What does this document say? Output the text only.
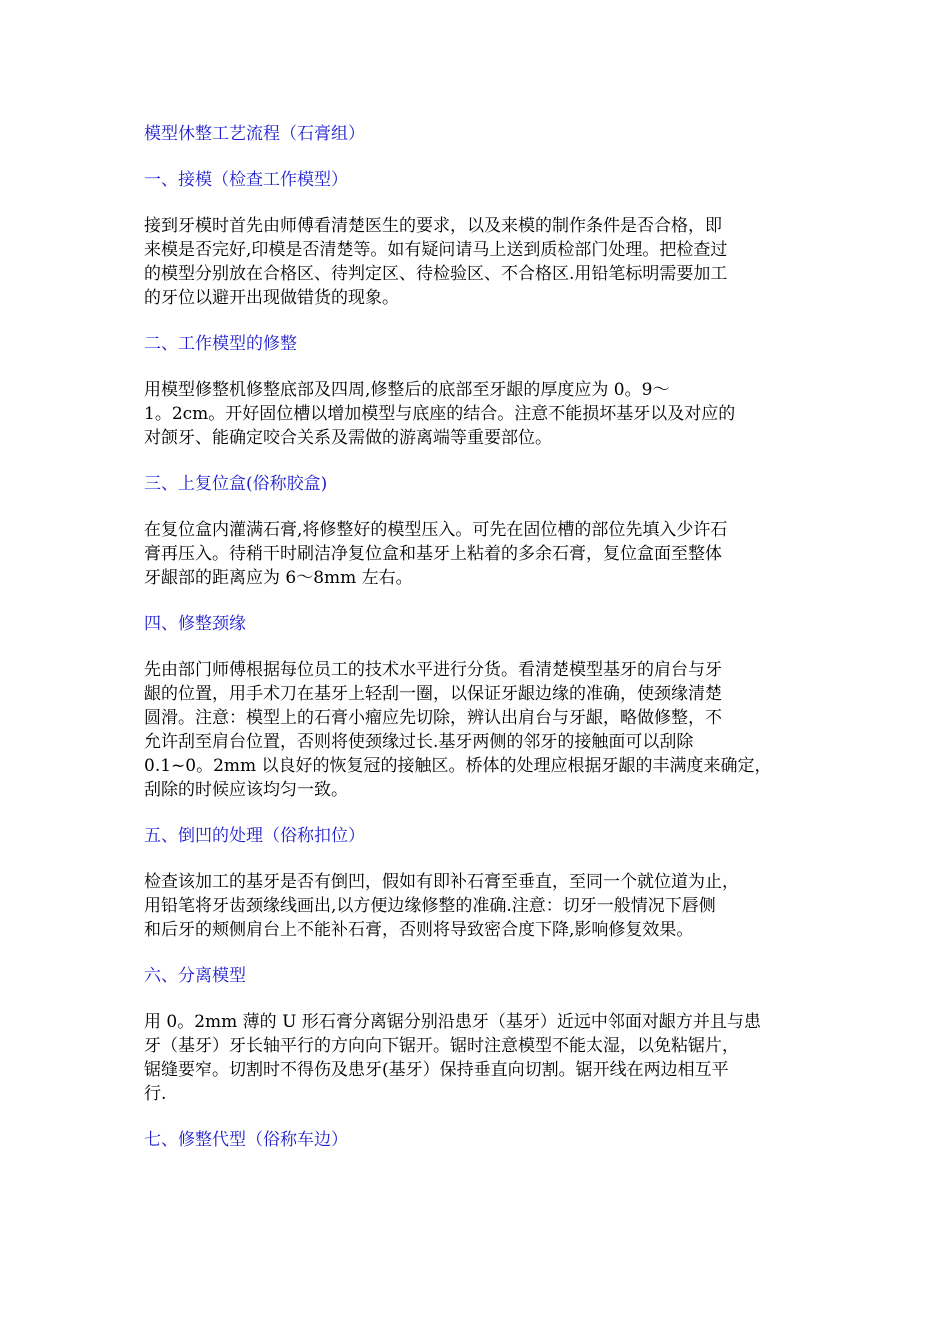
模型休整工艺流程（石膏组）
一、接模（检查工作模型）
接到牙模时首先由师傅看清楚医生的要求，以及来模的制作条件是否合格，即
来模是否完好,印模是否清楚等。如有疑问请马上送到质检部门处理。把检查过
的模型分别放在合格区、待判定区、待检验区、不合格区.用铅笔标明需要加工
的牙位以避开出现做错货的现象。
二、工作模型的修整
用模型修整机修整底部及四周,修整后的底部至牙龈的厚度应为 0。9～
1。2cm。开好固位槽以增加模型与底座的结合。注意不能损坏基牙以及对应的
对颌牙、能确定咬合关系及需做的游离端等重要部位。
三、上复位盒(俗称胶盒)
在复位盒内灌满石膏,将修整好的模型压入。可先在固位槽的部位先填入少许石
膏再压入。待稍干时刷洁净复位盒和基牙上粘着的多余石膏，复位盒面至整体
牙龈部的距离应为 6～8mm 左右。
四、修整颈缘
先由部门师傅根据每位员工的技术水平进行分货。看清楚模型基牙的肩台与牙
龈的位置，用手术刀在基牙上轻刮一圈，以保证牙龈边缘的准确，使颈缘清楚
圆滑。注意：模型上的石膏小瘤应先切除，辨认出肩台与牙龈，略做修整，不
允许刮至肩台位置，否则将使颈缘过长.基牙两侧的邻牙的接触面可以刮除
0.1~0。2mm 以良好的恢复冠的接触区。桥体的处理应根据牙龈的丰满度来确定，
刮除的时候应该均匀一致。
五、倒凹的处理（俗称扣位）
检查该加工的基牙是否有倒凹，假如有即补石膏至垂直，至同一个就位道为止，
用铅笔将牙齿颈缘线画出,以方便边缘修整的准确.注意：切牙一般情况下唇侧
和后牙的颊侧肩台上不能补石膏，否则将导致密合度下降,影响修复效果。
六、分离模型
用 0。2mm 薄的 U 形石膏分离锯分别沿患牙（基牙）近远中邻面对龈方并且与患
牙（基牙）牙长轴平行的方向向下锯开。锯时注意模型不能太湿，以免粘锯片，
锯缝要窄。切割时不得伤及患牙(基牙）保持垂直向切割。锯开线在两边相互平
行.
七、修整代型（俗称车边）
